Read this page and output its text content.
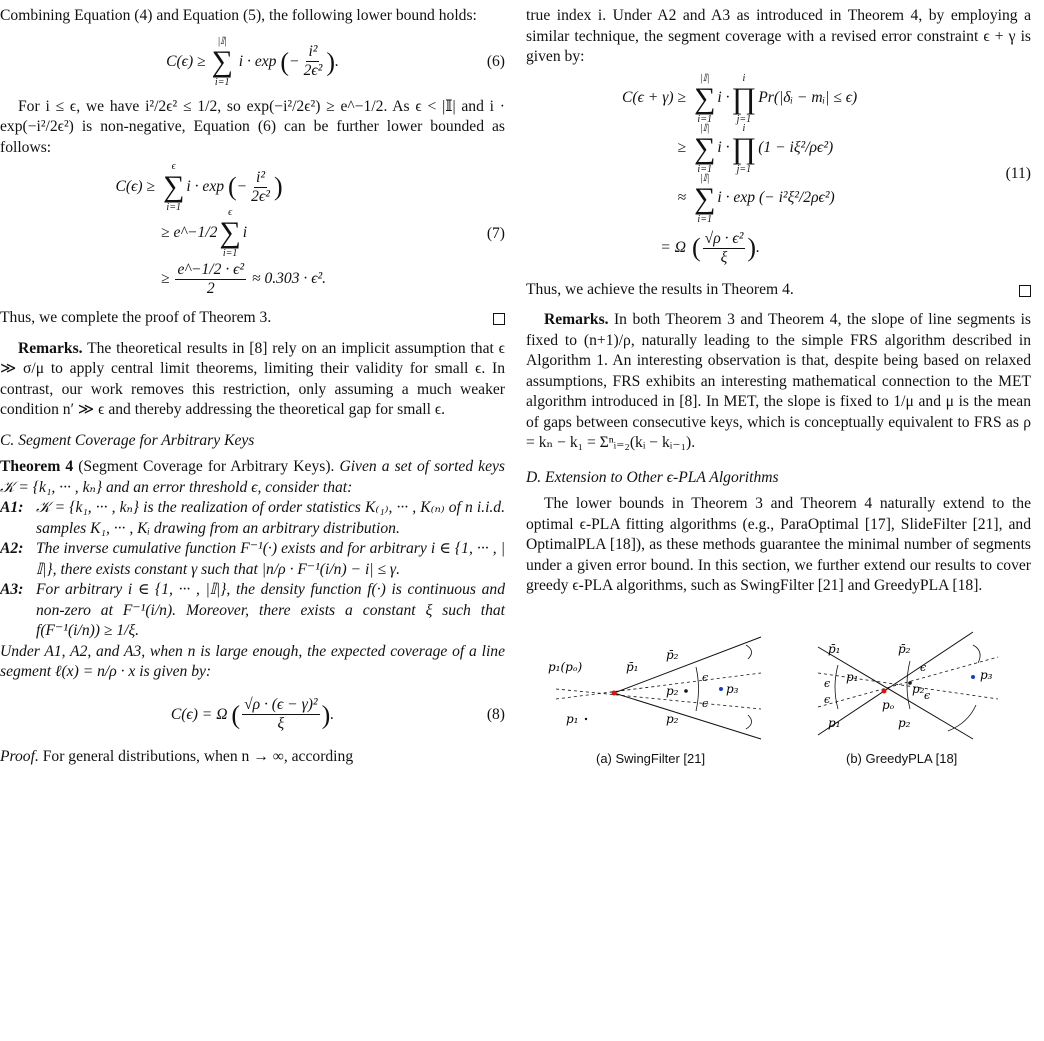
Combining Equation (4) and Equation (5), the following lower bound holds:

C(ϵ) ≥
|𝕀|
∑
i=1
i · exp (− $\frac{\text{i²}}{\text{2ϵ²}}$ ).	(6)

For i ≤ ϵ, we have i²/2ϵ² ≤ 1/2, so exp(−i²/2ϵ²) ≥ e^−1/2. As ϵ < |𝕀| and i · exp(−i²/2ϵ²) is non-negative, Equation (6) can be further lower bounded as follows:

C(ϵ) ≥
ϵ
∑
i=1
i · exp
( − $\frac{\text{i²}}{\text{2ϵ²}}$ )
≥ e^−1/2
ϵ
∑
i=1
i
≥
$\frac{\text{e\textasciicircum{}−1/2 · ϵ²}}{2}$
≈ 0.303 · ϵ².
(7)

Thus, we complete the proof of Theorem 3.

Remarks. The theoretical results in [8] rely on an implicit assumption that ϵ ≫ σ/μ to apply central limit theorems, limiting their validity for small ϵ. In contrast, our work removes this restriction, only assuming a much weaker condition n′ ≫ ϵ and thereby addressing the theoretical gap for small ϵ.

C. Segment Coverage for Arbitrary Keys

Theorem 4 (Segment Coverage for Arbitrary Keys). Given a set of sorted keys 𝒦 = {k₁, ··· , kₙ} and an error threshold ϵ, consider that:

A1: 𝒦 = {k₁, ··· , kₙ} is the realization of order statistics K₍₁₎, ··· , K₍ₙ₎ of n i.i.d. samples K₁, ··· , Kᵢ drawing from an arbitrary distribution.
A2: The inverse cumulative function F⁻¹(·) exists and for arbitrary i ∈ {1, ··· , |𝕀|}, there exists constant γ such that |n/ρ · F⁻¹(i/n) − i| ≤ γ.
A3: For arbitrary i ∈ {1, ··· , |𝕀|}, the density function f(·) is continuous and non-zero at F⁻¹(i/n). Moreover, there exists a constant ξ such that f(F⁻¹(i/n)) ≥ 1/ξ.

Under A1, A2, and A3, when n is large enough, the expected coverage of a line segment ℓ(x) = n/ρ · x is given by:

C(ϵ) = Ω ( $\frac{\text{√ρ · (ϵ − γ)²}}{\xi}$ ).	(8)

Proof. For general distributions, when n → ∞, according

true index i. Under A2 and A3 as introduced in Theorem 4, by employing a similar technique, the segment coverage with a revised error constraint ϵ + γ is given by:

C(ϵ + γ) ≥
|𝕀|
∑
i=1
i ·
i
∏
j=1
Pr(|δᵢ − mᵢ| ≤ ϵ)
≥
|𝕀|
∑
i=1
i ·
i
∏
j=1
(1 − iξ²/ρϵ²)
≈
|𝕀|
∑
i=1
i · exp
(− i²ξ²/2ρϵ²)
= Ω ( $\frac{\text{√ρ · ϵ²}}{\xi}$ ) .
(11)

Thus, we achieve the results in Theorem 4.

Remarks. In both Theorem 3 and Theorem 4, the slope of line segments is fixed to (n+1)/ρ, naturally leading to the simple FRS algorithm described in Algorithm 1. An interesting observation is that, despite being based on relaxed assumptions, FRS exhibits an interesting mathematical connection to the MET algorithm introduced in [8]. In MET, the slope is fixed to 1/μ and μ is the mean of gaps between consecutive keys, which is conceptually equivalent to FRS as ρ = kₙ − k₁ = Σⁿᵢ₌₂(kᵢ − kᵢ₋₁).

D. Extension to Other ϵ-PLA Algorithms

The lower bounds in Theorem 3 and Theorem 4 naturally extend to the optimal ϵ-PLA fitting algorithms (e.g., ParaOptimal [17], SlideFilter [21], and OptimalPLA [18]), as these methods guarantee the minimal number of segments under a given error bound. In this section, we further extend our results to cover greedy ϵ-PLA algorithms, such as SwingFilter [21] and GreedyPLA [18].

p₁(pₒ)	p̄₁
p̄₂
p₂	p₃
p₁	p₂
ϵ
ϵ
(a) SwingFilter [21]
p̄₁	p̄₂
p₁
p₂
p₃
pₒ
p₁	p₂
ϵ
ϵ
ϵ
ϵ
(b) GreedyPLA [18]
